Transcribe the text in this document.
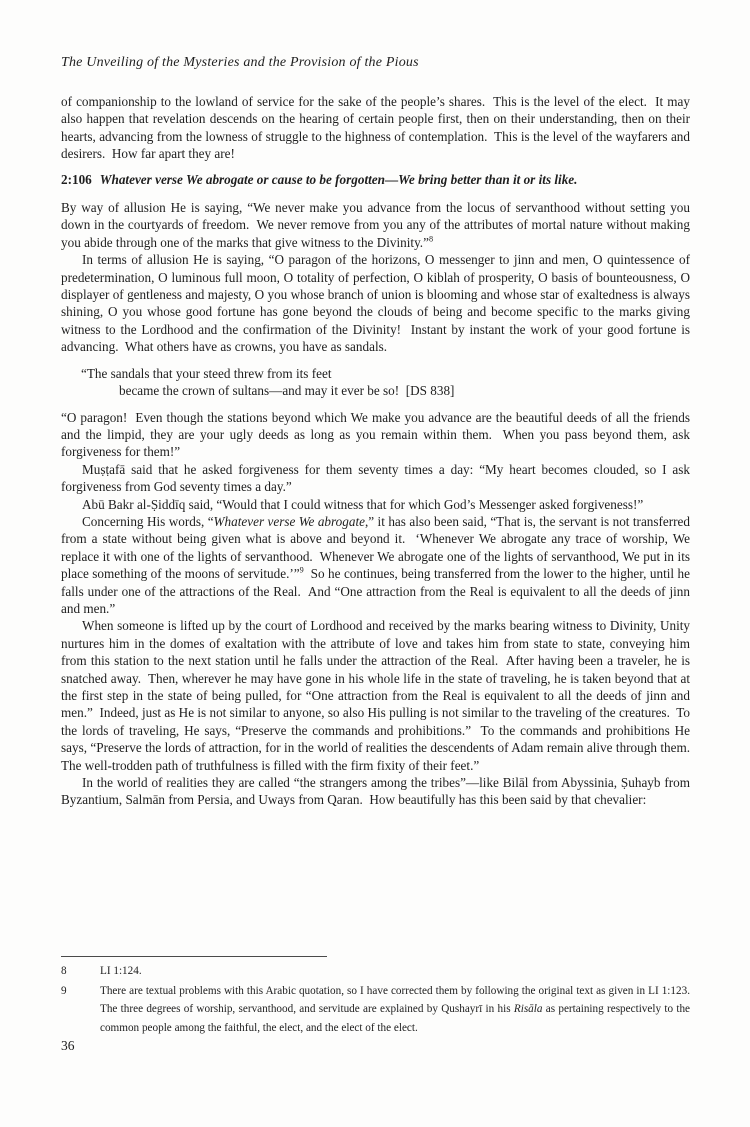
The Unveiling of the Mysteries and the Provision of the Pious

of companionship to the lowland of service for the sake of the people’s shares.  This is the level of the elect.  It may also happen that revelation descends on the hearing of certain people first, then on their understanding, then on their hearts, advancing from the lowness of struggle to the highness of contemplation.  This is the level of the wayfarers and desirers.  How far apart they are!

2:106 Whatever verse We abrogate or cause to be forgotten—We bring better than it or its like.

By way of allusion He is saying, “We never make you advance from the locus of servanthood without setting you down in the courtyards of freedom.  We never remove from you any of the attributes of mortal nature without making you abide through one of the marks that give witness to the Divinity.”$^8$

In terms of allusion He is saying, “O paragon of the horizons, O messenger to jinn and men, O quintessence of predetermination, O luminous full moon, O totality of perfection, O kiblah of prosperity, O basis of bounteousness, O displayer of gentleness and majesty, O you whose branch of union is blooming and whose star of exaltedness is always shining, O you whose good fortune has gone beyond the clouds of being and become specific to the marks giving witness to the Lordhood and the confirmation of the Divinity!  Instant by instant the work of your good fortune is advancing.  What others have as crowns, you have as sandals.

“The sandals that your steed threw from its feet
became the crown of sultans—and may it ever be so!  [DS 838]

“O paragon!  Even though the stations beyond which We make you advance are the beautiful deeds of all the friends and the limpid, they are your ugly deeds as long as you remain within them.  When you pass beyond them, ask forgiveness for them!”

Muṣṭafā said that he asked forgiveness for them seventy times a day: “My heart becomes clouded, so I ask forgiveness from God seventy times a day.”

Abū Bakr al-Ṣiddīq said, “Would that I could witness that for which God’s Messenger asked forgiveness!”

Concerning His words, “Whatever verse We abrogate,” it has also been said, “That is, the servant is not transferred from a state without being given what is above and beyond it.  ‘Whenever We abrogate any trace of worship, We replace it with one of the lights of servanthood.  Whenever We abrogate one of the lights of servanthood, We put in its place something of the moons of servitude.’”$^9$  So he continues, being transferred from the lower to the higher, until he falls under one of the attractions of the Real.  And “One attraction from the Real is equivalent to all the deeds of jinn and men.”

When someone is lifted up by the court of Lordhood and received by the marks bearing witness to Divinity, Unity nurtures him in the domes of exaltation with the attribute of love and takes him from state to state, conveying him from this station to the next station until he falls under the attraction of the Real.  After having been a traveler, he is snatched away.  Then, wherever he may have gone in his whole life in the state of traveling, he is taken beyond that at the first step in the state of being pulled, for “One attraction from the Real is equivalent to all the deeds of jinn and men.”  Indeed, just as He is not similar to anyone, so also His pulling is not similar to the traveling of the creatures.  To the lords of traveling, He says, “Preserve the commands and prohibitions.”  To the commands and prohibitions He says, “Preserve the lords of attraction, for in the world of realities the descendents of Adam remain alive through them.  The well-trodden path of truthfulness is filled with the firm fixity of their feet.”

In the world of realities they are called “the strangers among the tribes”—like Bilāl from Abyssinia, Ṣuhayb from Byzantium, Salmān from Persia, and Uways from Qaran.  How beautifully has this been said by that chevalier:

8	LI 1:124.
9	There are textual problems with this Arabic quotation, so I have corrected them by following the original text as given in LI 1:123.  The three degrees of worship, servanthood, and servitude are explained by Qushayrī in his Risāla as pertaining respectively to the common people among the faithful, the elect, and the elect of the elect.
36
